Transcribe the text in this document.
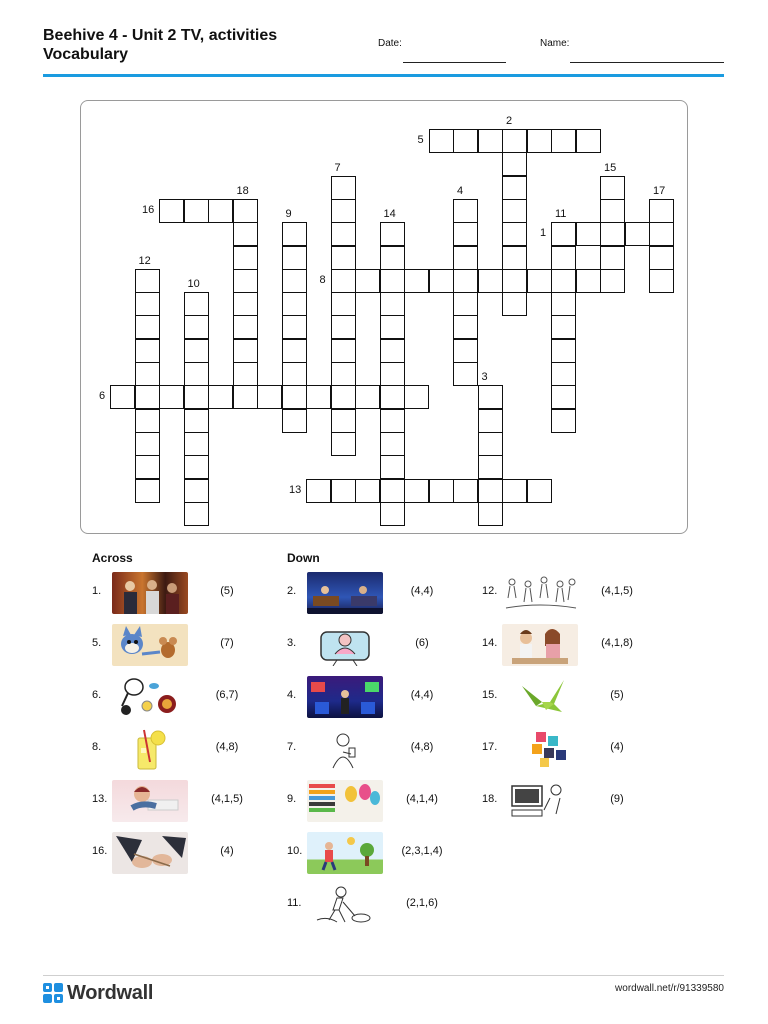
Beehive 4 - Unit 2 TV, activities
Vocabulary
Date:	Name:
1
2
3
4
5
6
7
8
9
10
11
12
13
14
15
16
17
18
Across	Down
1.	(5)
5.	(7)
6.	(6,7)
8.	(4,8)
13.	(4,1,5)
16.	(4)
2.	(4,4)
3.	(6)
4.	(4,4)
7.	(4,8)
9.	(4,1,4)
10.	(2,3,1,4)
11.	(2,1,6)
12.	(4,1,5)
14.	(4,1,8)
15.	(5)
17.	(4)
18.	(9)
Wordwall	wordwall.net/r/91339580
